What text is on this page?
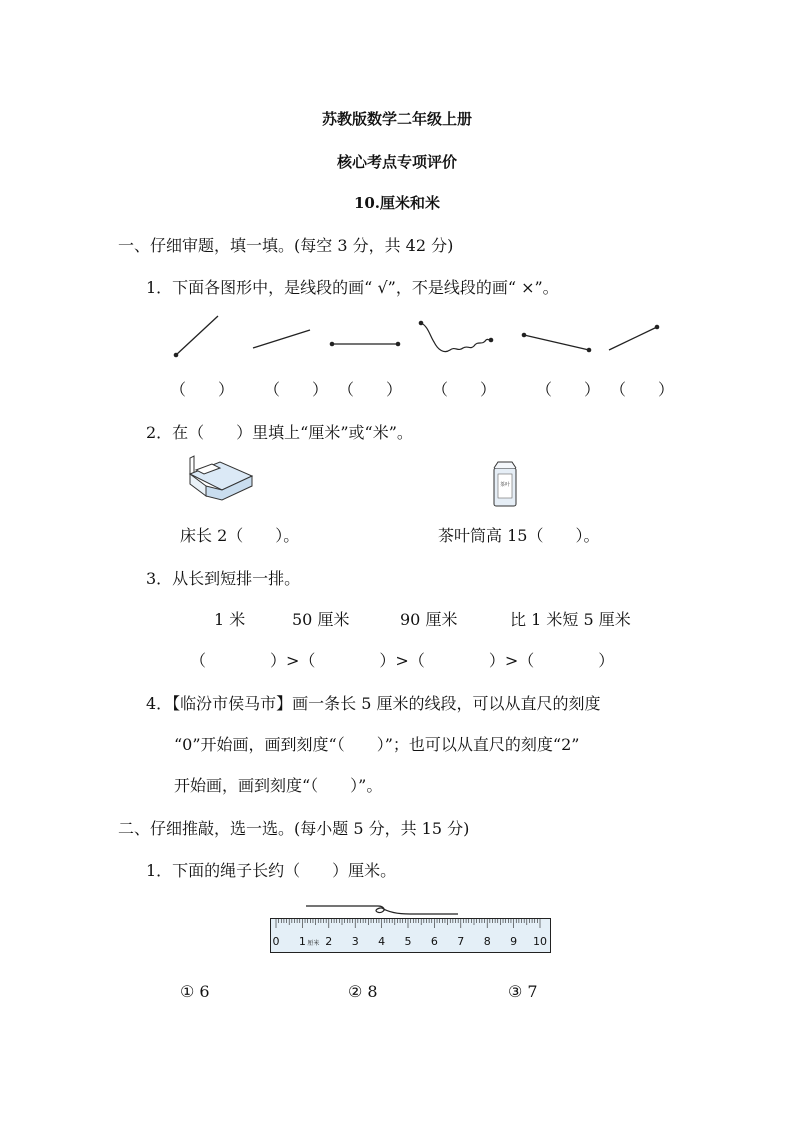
苏教版数学二年级上册
核心考点专项评价
10.厘米和米
一、仔细审题，填一填。(每空 3 分，共 42 分)
1．下面各图形中，是线段的画“ √”，不是线段的画“ ×”。
（　　） （　　） （　　） （　　） （　　） （　　）
2．在（　　）里填上“厘米”或“米”。
茶叶
床长 2（　　）。	茶叶筒高 15（　　）。
3．从长到短排一排。
1 米	50 厘米	90 厘米	比 1 米短 5 厘米
（　　　　）>（　　　　）>（　　　　）>（　　　　）
4．【临汾市侯马市】画一条长 5 厘米的线段，可以从直尺的刻度
“0”开始画，画到刻度“（　　）”；也可以从直尺的刻度“2”
开始画，画到刻度“（　　）”。
二、仔细推敲，选一选。(每小题 5 分，共 15 分)
1．下面的绳子长约（　　）厘米。
0 1 2 3 4 5 6 7 8 9 10
厘米
① 6	② 8	③ 7
